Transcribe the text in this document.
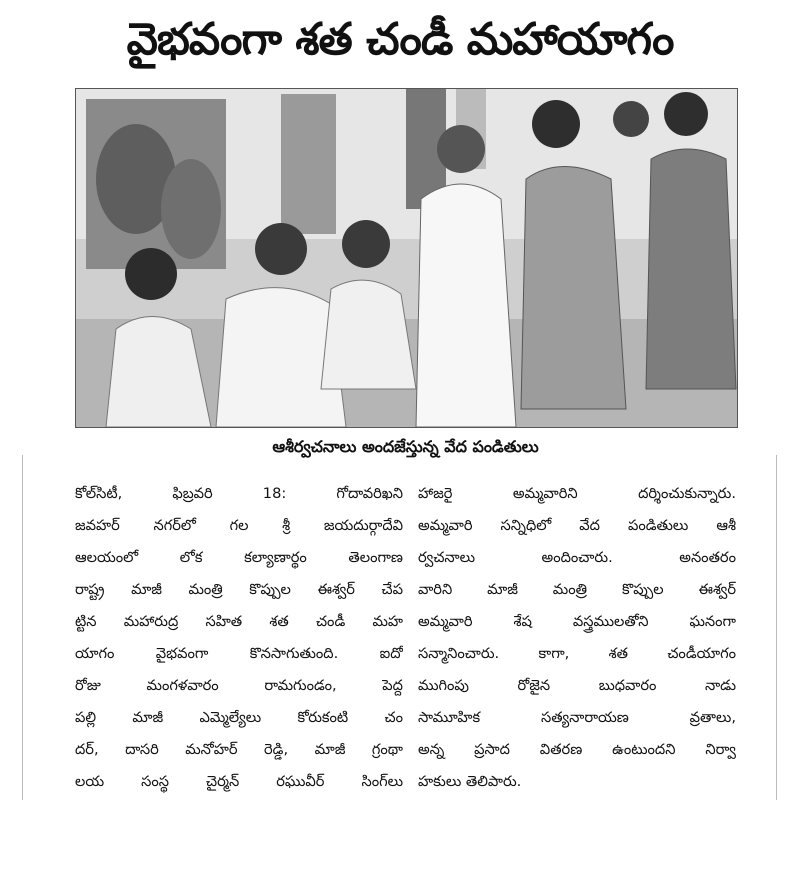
వైభవంగా శత చండీ మహాయాగం
ఆశీర్వచనాలు అందజేస్తున్న వేద పండితులు

కోల్‌సిటీ, ఫిబ్రవరి 18: గోదావరిఖని

జవహర్ నగర్‌లో గల శ్రీ జయదుర్గాదేవి

ఆలయంలో లోక కల్యాణార్థం తెలంగాణ

రాష్ట్ర మాజీ మంత్రి కొప్పుల ఈశ్వర్ చేప

ట్టిన మహారుద్ర సహిత శత చండీ మహ

యాగం వైభవంగా కొనసాగుతుంది. ఐదో

రోజు మంగళవారం రామగుండం, పెద్ద

పల్లి మాజీ ఎమ్మెల్యేలు కోరుకంటి చం

దర్, దాసరి మనోహర్ రెడ్డి, మాజీ గ్రంథా

లయ సంస్థ చైర్మన్ రఘువీర్ సింగ్‌లు

హాజరై అమ్మవారిని దర్శించుకున్నారు.

అమ్మవారి సన్నిధిలో వేద పండితులు ఆశీ

ర్వచనాలు అందించారు. అనంతరం

వారిని మాజీ మంత్రి కొప్పుల ఈశ్వర్

అమ్మవారి శేష వస్త్రములతోని ఘనంగా

సన్మానించారు. కాగా, శత చండీయాగం

ముగింపు రోజైన బుధవారం నాడు

సామూహిక సత్యనారాయణ వ్రతాలు,

అన్న ప్రసాద వితరణ ఉంటుందని నిర్వా

హకులు తెలిపారు.
